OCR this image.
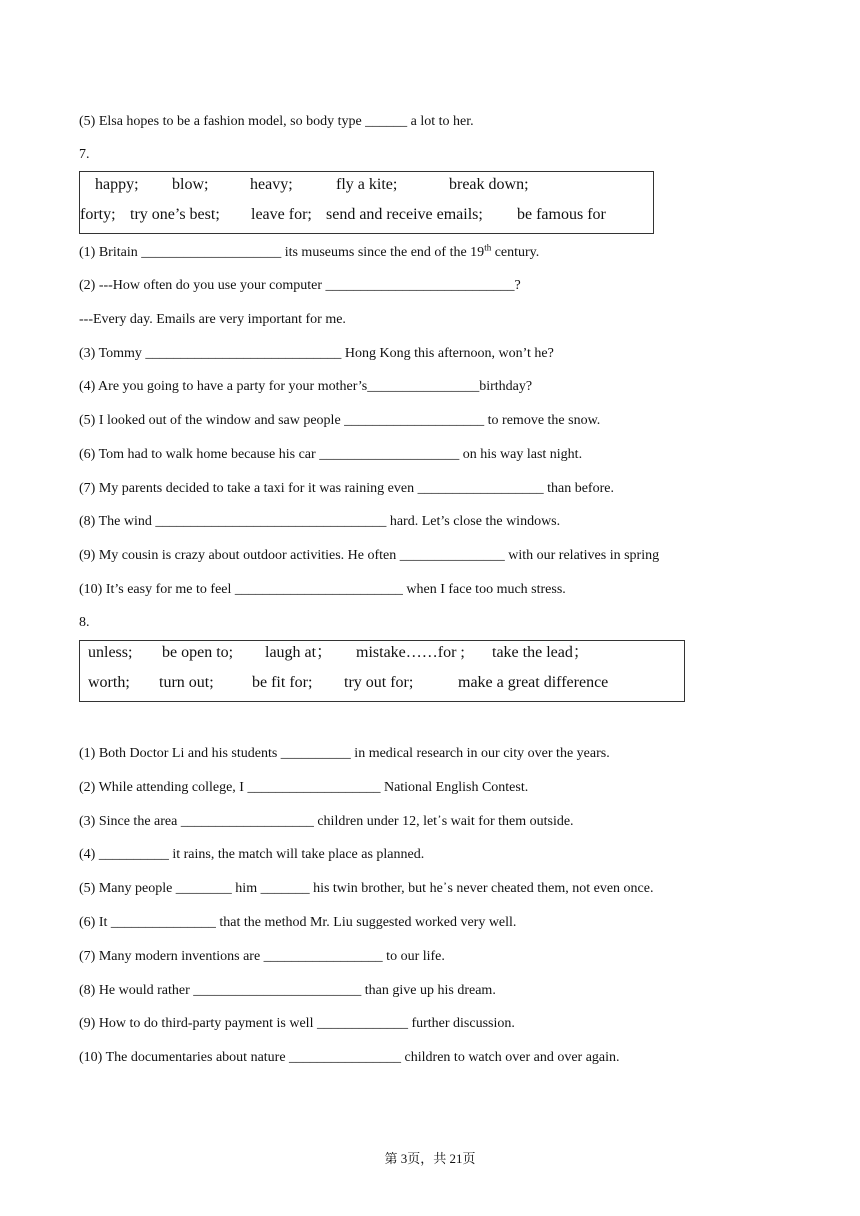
(5) Elsa hopes to be a fashion model, so body type ______ a lot to her.
7.
happy; blow;	heavy;	fly a kite;	break down;
forty; try one’s best; leave for; send and receive emails; be famous for
(1) Britain ____________________ its museums since the end of the 19th century.
(2) ---How often do you use your computer ___________________________?
---Every day. Emails are very important for me.
(3) Tommy ____________________________ Hong Kong this afternoon, won’t he?
(4) Are you going to have a party for your mother’s________________birthday?
(5) I looked out of the window and saw people ____________________ to remove the snow.
(6) Tom had to walk home because his car ____________________ on his way last night.
(7) My parents decided to take a taxi for it was raining even __________________ than before.
(8) The wind _________________________________ hard. Let’s close the windows.
(9) My cousin is crazy about outdoor activities. He often _______________ with our relatives in spring
(10) It’s easy for me to feel ________________________ when I face too much stress.
8.
unless; be open to; laugh at； mistake……for ; take the lead；
worth; turn out; be fit for; try out for;	make a great difference
(1) Both Doctor Li and his students __________ in medical research in our city over the years.
(2) While attending college, I ___________________ National English Contest.
(3) Since the area ___________________ children under 12, let᾽s wait for them outside.
(4) __________ it rains, the match will take place as planned.
(5) Many people ________ him _______ his twin brother, but he᾽s never cheated them, not even once.
(6) It _______________ that the method Mr. Liu suggested worked very well.
(7) Many modern inventions are _________________ to our life.
(8) He would rather ________________________ than give up his dream.
(9) How to do third-party payment is well _____________ further discussion.
(10) The documentaries about nature ________________ children to watch over and over again.
第 3页，共 21页
